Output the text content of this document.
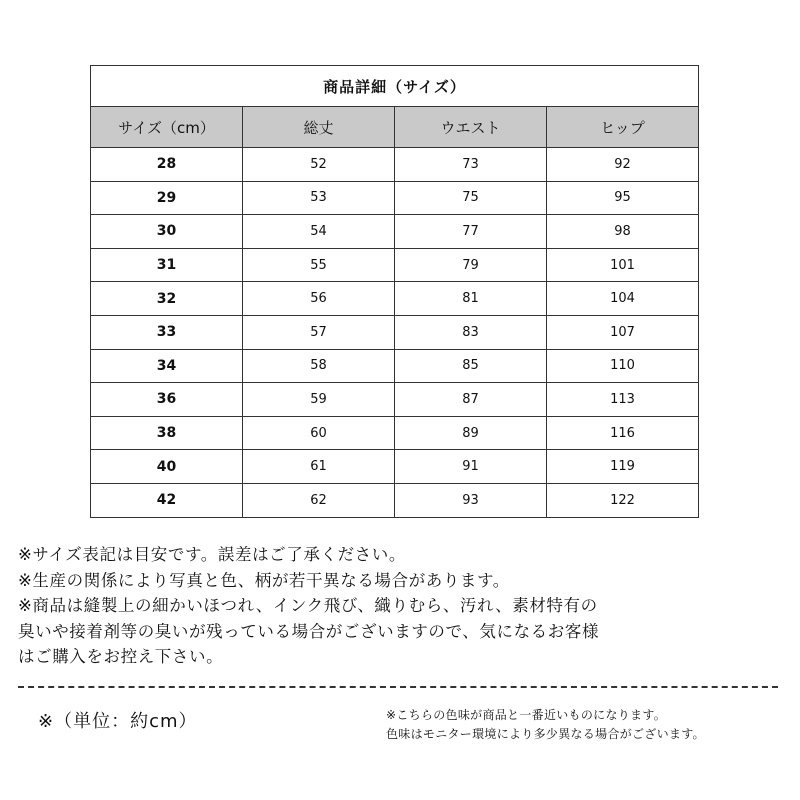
商品詳細（サイズ）			
サイズ（cm）	総丈	ウエスト	ヒップ
28	52	73	92
29	53	75	95
30	54	77	98
31	55	79	101
32	56	81	104
33	57	83	107
34	58	85	110
36	59	87	113
38	60	89	116
40	61	91	119
42	62	93	122

※サイズ表記は目安です。誤差はご了承ください。

※生産の関係により写真と色、柄が若干異なる場合があります。

※商品は縫製上の細かいほつれ、インク飛び、織りむら、汚れ、素材特有の

臭いや接着剤等の臭いが残っている場合がございますので、気になるお客様

はご購入をお控え下さい。

※（単位：約cm）	※こちらの色味が商品と一番近いものになります。

色味はモニター環境により多少異なる場合がございます。
